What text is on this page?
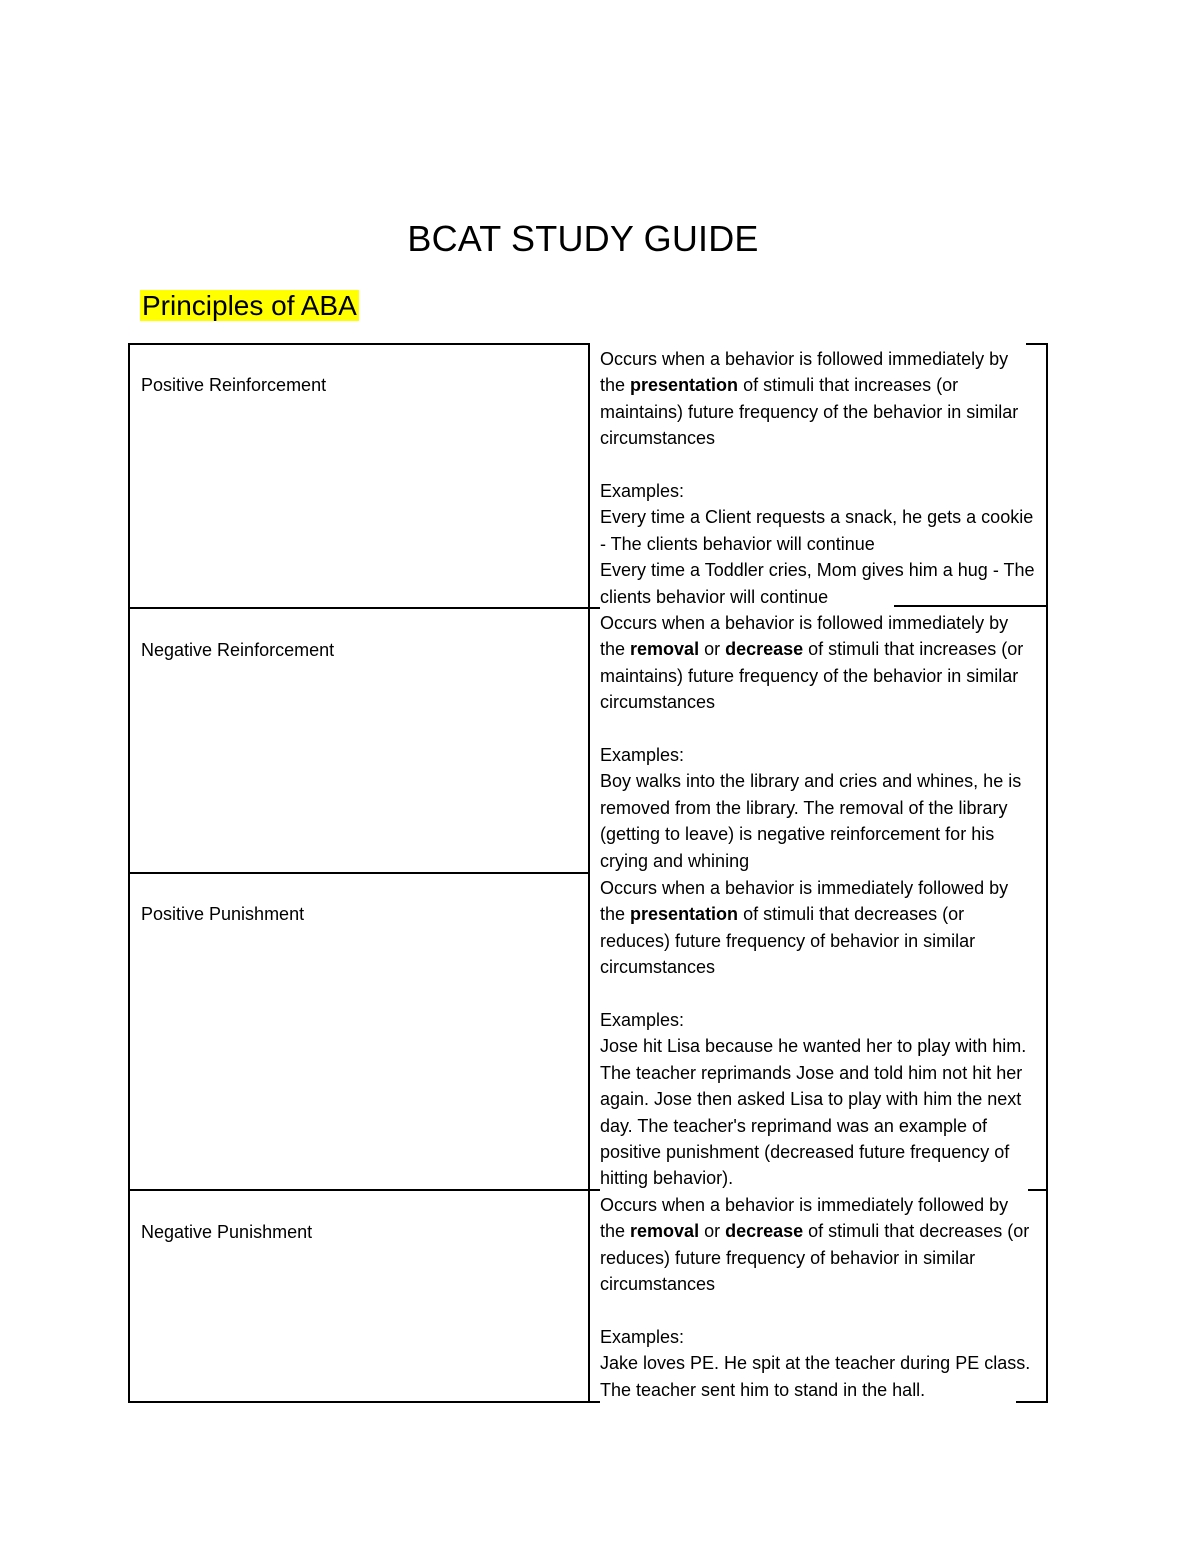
BCAT STUDY GUIDE
Principles of ABA
Positive Reinforcement

Occurs when a behavior is followed immediately by the presentation of stimuli that increases (or maintains) future frequency of the behavior in similar circumstances

Examples:

Every time a Client requests a snack, he gets a cookie - The clients behavior will continue

Every time a Toddler cries, Mom gives him a hug - The clients behavior will continue

Negative Reinforcement

Occurs when a behavior is followed immediately by the removal or decrease of stimuli that increases (or maintains) future frequency of the behavior in similar circumstances

Examples:

Boy walks into the library and cries and whines, he is removed from the library. The removal of the library (getting to leave) is negative reinforcement for his crying and whining

Positive Punishment

Occurs when a behavior is immediately followed by the presentation of stimuli that decreases (or reduces) future frequency of behavior in similar circumstances

Examples:

Jose hit Lisa because he wanted her to play with him. The teacher reprimands Jose and told him not hit her again. Jose then asked Lisa to play with him the next day. The teacher's reprimand was an example of positive punishment (decreased future frequency of hitting behavior).

Negative Punishment

Occurs when a behavior is immediately followed by the removal or decrease of stimuli that decreases (or reduces) future frequency of behavior in similar circumstances

Examples:

Jake loves PE. He spit at the teacher during PE class. The teacher sent him to stand in the hall.
